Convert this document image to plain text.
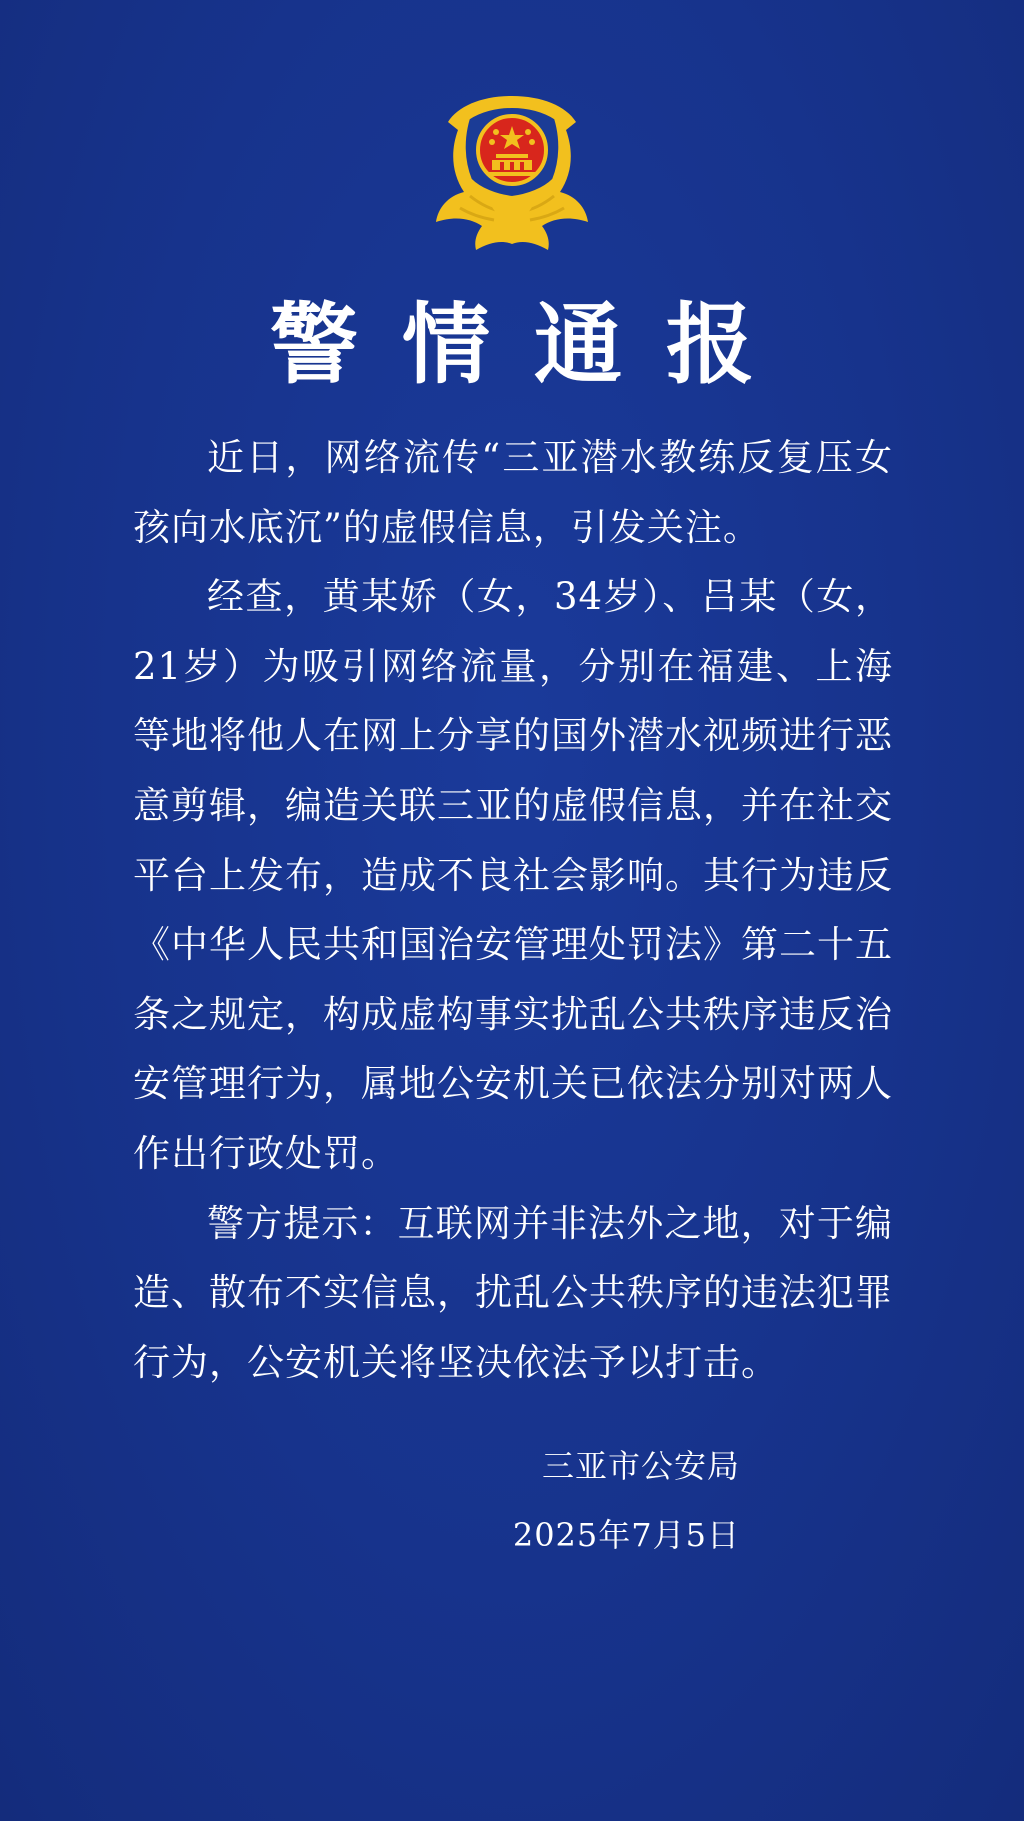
警情通报

近日，网络流传“三亚潜水教练反复压女孩向水底沉”的虚假信息，引发关注。

经查，黄某娇（女，34岁）、吕某（女，21岁）为吸引网络流量，分别在福建、上海等地将他人在网上分享的国外潜水视频进行恶意剪辑，编造关联三亚的虚假信息，并在社交平台上发布，造成不良社会影响。其行为违反《中华人民共和国治安管理处罚法》第二十五条之规定，构成虚构事实扰乱公共秩序违反治安管理行为，属地公安机关已依法分别对两人作出行政处罚。

警方提示：互联网并非法外之地，对于编造、散布不实信息，扰乱公共秩序的违法犯罪行为，公安机关将坚决依法予以打击。

三亚市公安局
2025年7月5日
